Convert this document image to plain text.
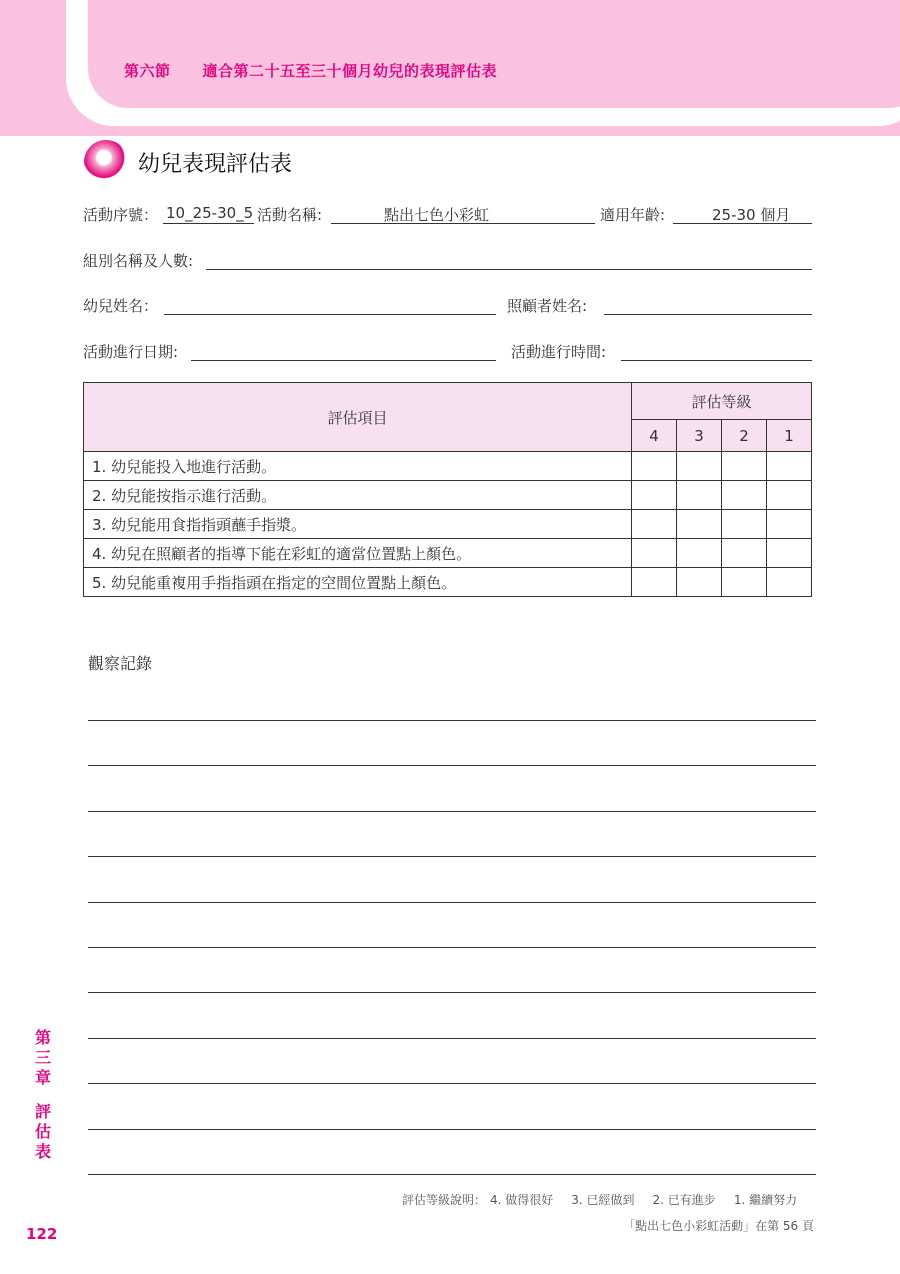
第六節 適合第二十五至三十個月幼兒的表現評估表
幼兒表現評估表
活動序號： 10_25-30_5 活動名稱:	點出七色小彩虹	適用年齡:	25-30 個月
組別名稱及人數:
幼兒姓名：	照顧者姓名:
活動進行日期:	活動進行時間:
評估項目	評估等級			
	4	3	2	1
1. 幼兒能投入地進行活動。				
2. 幼兒能按指示進行活動。				
3. 幼兒能用食指指頭蘸手指漿。				
4. 幼兒在照顧者的指導下能在彩虹的適當位置點上顏色。				
5. 幼兒能重複用手指指頭在指定的空間位置點上顏色。				
觀察記錄
第三章
評估表
122
評估等級說明： 4. 做得很好 3. 已經做到 2. 已有進步 1. 繼續努力
「點出七色小彩虹活動」在第 56 頁
